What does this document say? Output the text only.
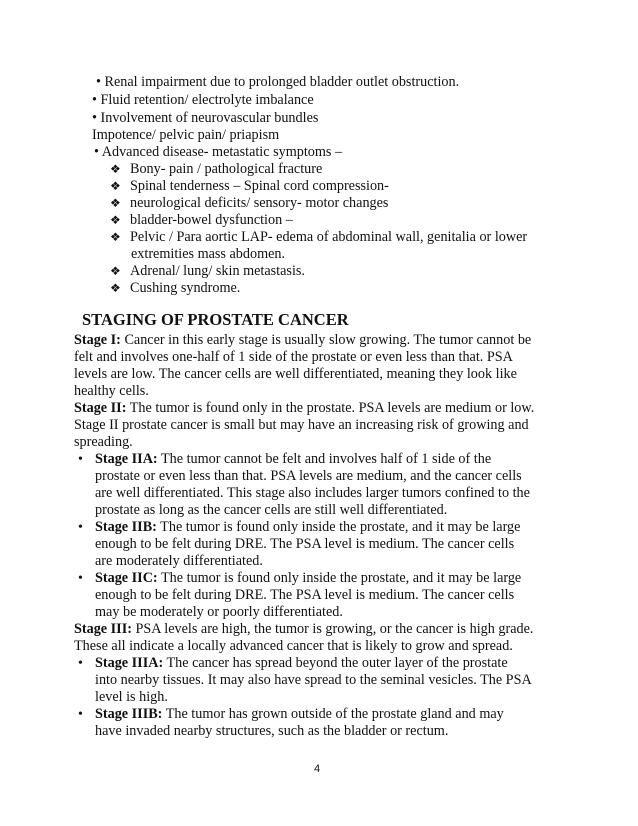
• Renal impairment due to prolonged bladder outlet obstruction.
• Fluid retention/ electrolyte imbalance
• Involvement of neurovascular bundles
Impotence/ pelvic pain/ priapism
• Advanced disease- metastatic symptoms –
❖ Bony- pain / pathological fracture
❖ Spinal tenderness – Spinal cord compression-
❖ neurological deficits/ sensory- motor changes
❖ bladder-bowel dysfunction –
❖ Pelvic / Para aortic LAP- edema of abdominal wall, genitalia or lower
extremities mass abdomen.
❖ Adrenal/ lung/ skin metastasis.
❖ Cushing syndrome.
STAGING OF PROSTATE CANCER
Stage I: Cancer in this early stage is usually slow growing. The tumor cannot be
felt and involves one-half of 1 side of the prostate or even less than that. PSA
levels are low. The cancer cells are well differentiated, meaning they look like
healthy cells.
Stage II: The tumor is found only in the prostate. PSA levels are medium or low.
Stage II prostate cancer is small but may have an increasing risk of growing and
spreading.
• Stage IIA: The tumor cannot be felt and involves half of 1 side of the
prostate or even less than that. PSA levels are medium, and the cancer cells
are well differentiated. This stage also includes larger tumors confined to the
prostate as long as the cancer cells are still well differentiated.
• Stage IIB: The tumor is found only inside the prostate, and it may be large
enough to be felt during DRE. The PSA level is medium. The cancer cells
are moderately differentiated.
• Stage IIC: The tumor is found only inside the prostate, and it may be large
enough to be felt during DRE. The PSA level is medium. The cancer cells
may be moderately or poorly differentiated.
Stage III: PSA levels are high, the tumor is growing, or the cancer is high grade.
These all indicate a locally advanced cancer that is likely to grow and spread.
• Stage IIIA: The cancer has spread beyond the outer layer of the prostate
into nearby tissues. It may also have spread to the seminal vesicles. The PSA
level is high.
• Stage IIIB: The tumor has grown outside of the prostate gland and may
have invaded nearby structures, such as the bladder or rectum.
4
